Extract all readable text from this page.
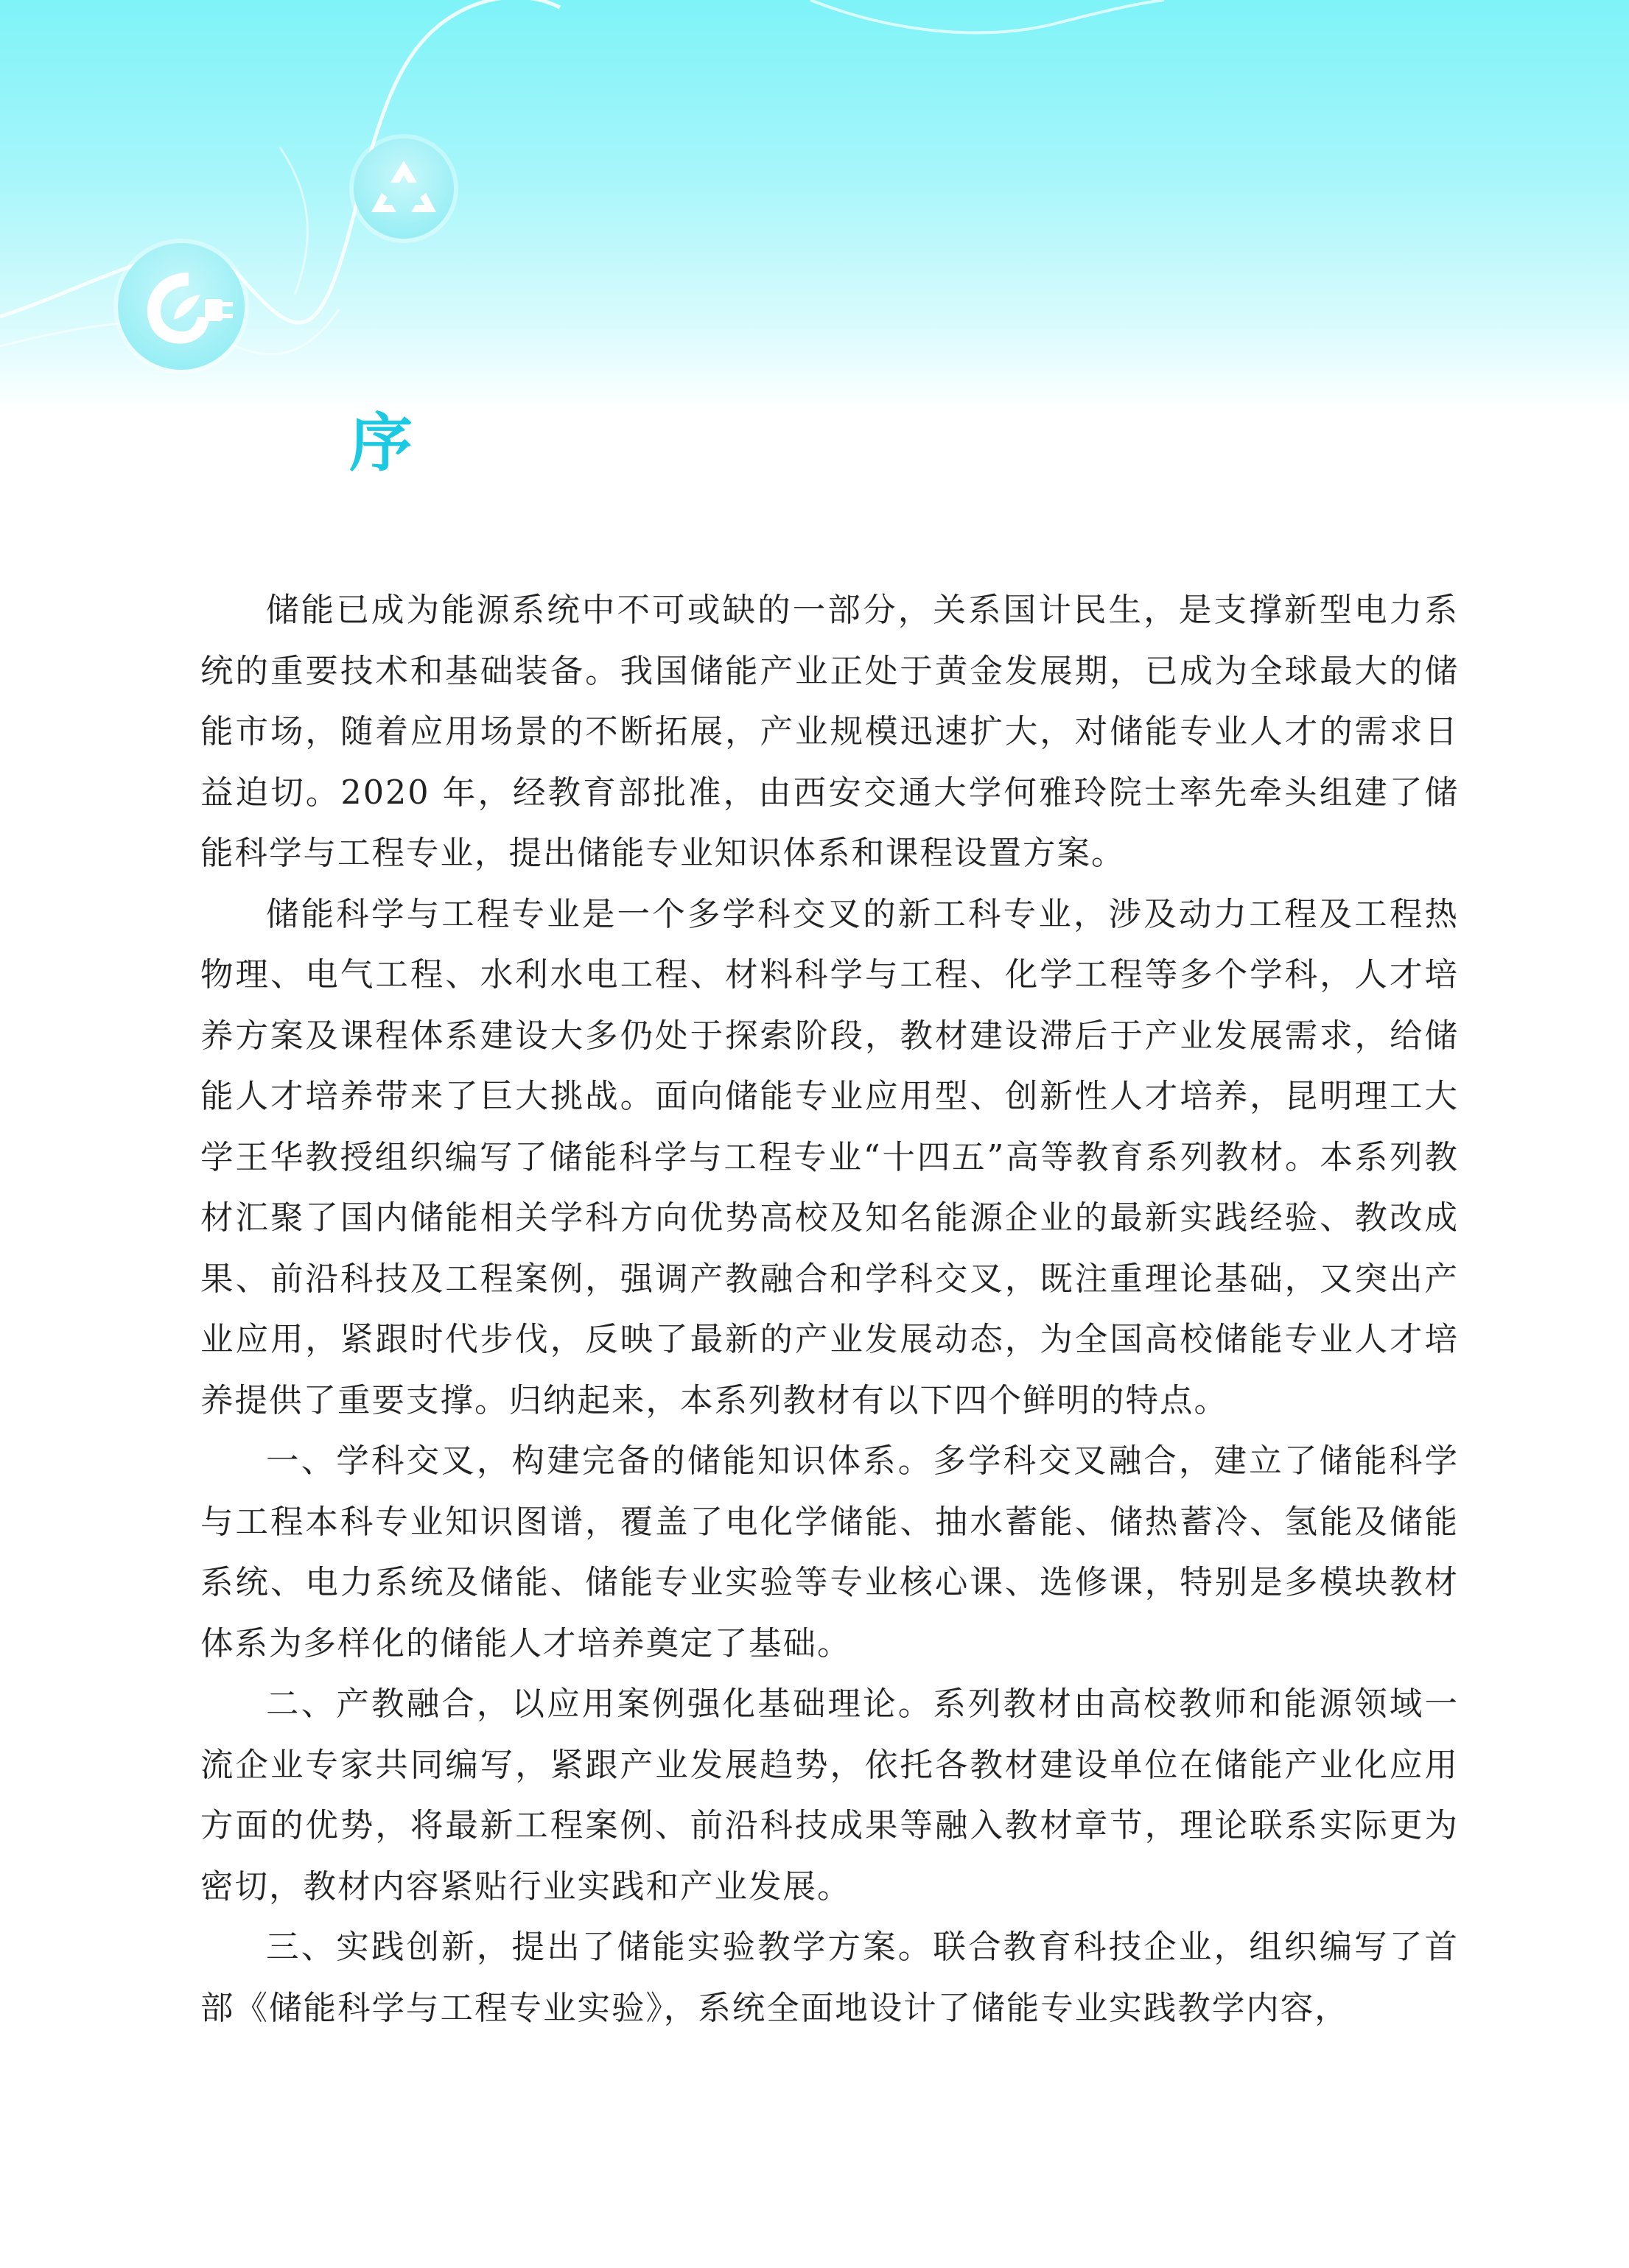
序

储能已成为能源系统中不可或缺的一部分，关系国计民生，是支撑新型电力系统的重要技术和基础装备。我国储能产业正处于黄金发展期，已成为全球最大的储能市场，随着应用场景的不断拓展，产业规模迅速扩大，对储能专业人才的需求日益迫切。2020 年，经教育部批准，由西安交通大学何雅玲院士率先牵头组建了储能科学与工程专业，提出储能专业知识体系和课程设置方案。

储能科学与工程专业是一个多学科交叉的新工科专业，涉及动力工程及工程热物理、电气工程、水利水电工程、材料科学与工程、化学工程等多个学科，人才培养方案及课程体系建设大多仍处于探索阶段，教材建设滞后于产业发展需求，给储能人才培养带来了巨大挑战。面向储能专业应用型、创新性人才培养，昆明理工大学王华教授组织编写了储能科学与工程专业“十四五”高等教育系列教材。本系列教材汇聚了国内储能相关学科方向优势高校及知名能源企业的最新实践经验、教改成果、前沿科技及工程案例，强调产教融合和学科交叉，既注重理论基础，又突出产业应用，紧跟时代步伐，反映了最新的产业发展动态，为全国高校储能专业人才培养提供了重要支撑。归纳起来，本系列教材有以下四个鲜明的特点。

一、学科交叉，构建完备的储能知识体系。多学科交叉融合，建立了储能科学与工程本科专业知识图谱，覆盖了电化学储能、抽水蓄能、储热蓄冷、氢能及储能系统、电力系统及储能、储能专业实验等专业核心课、选修课，特别是多模块教材体系为多样化的储能人才培养奠定了基础。

二、产教融合，以应用案例强化基础理论。系列教材由高校教师和能源领域一流企业专家共同编写，紧跟产业发展趋势，依托各教材建设单位在储能产业化应用方面的优势，将最新工程案例、前沿科技成果等融入教材章节，理论联系实际更为密切，教材内容紧贴行业实践和产业发展。

三、实践创新，提出了储能实验教学方案。联合教育科技企业，组织编写了首部《储能科学与工程专业实验》，系统全面地设计了储能专业实践教学内容，
